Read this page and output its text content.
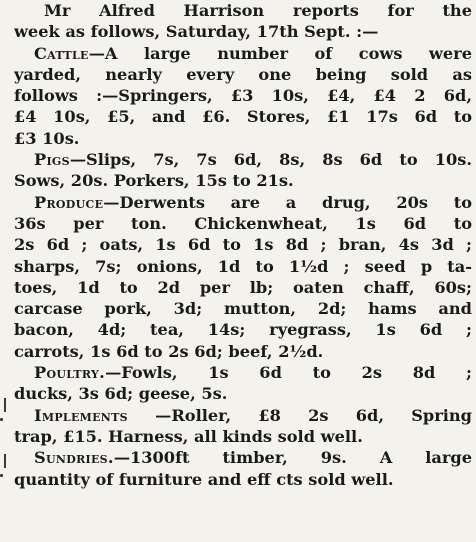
Mr Alfred Harrison reports for the
week as follows, Saturday, 17th Sept. :—
Cattle—A large number of cows were
yarded, nearly every one being sold as
follows :—Springers, £3 10s, £4, £4 2 6d,
£4 10s, £5, and £6. Stores, £1 17s 6d to
£3 10s.
Pigs—Slips, 7s, 7s 6d, 8s, 8s 6d to 10s.
Sows, 20s. Porkers, 15s to 21s.
Produce—Derwents are a drug, 20s to
36s per ton. Chickenwheat, 1s 6d to
2s 6d ; oats, 1s 6d to 1s 8d ; bran, 4s 3d ;
sharps, 7s; onions, 1d to 1½d ; seed p ta-
toes, 1d to 2d per lb; oaten chaff, 60s;
carcase pork, 3d; mutton, 2d; hams and
bacon, 4d; tea, 14s; ryegrass, 1s 6d ;
carrots, 1s 6d to 2s 6d; beef, 2½d.
Poultry.—Fowls, 1s 6d to 2s 8d ;
ducks, 3s 6d; geese, 5s.
Implements —Roller, £8 2s 6d, Spring
trap, £15. Harness, all kinds sold well.
Sundries.—1300ft timber, 9s. A large
quantity of furniture and eff cts sold well.
